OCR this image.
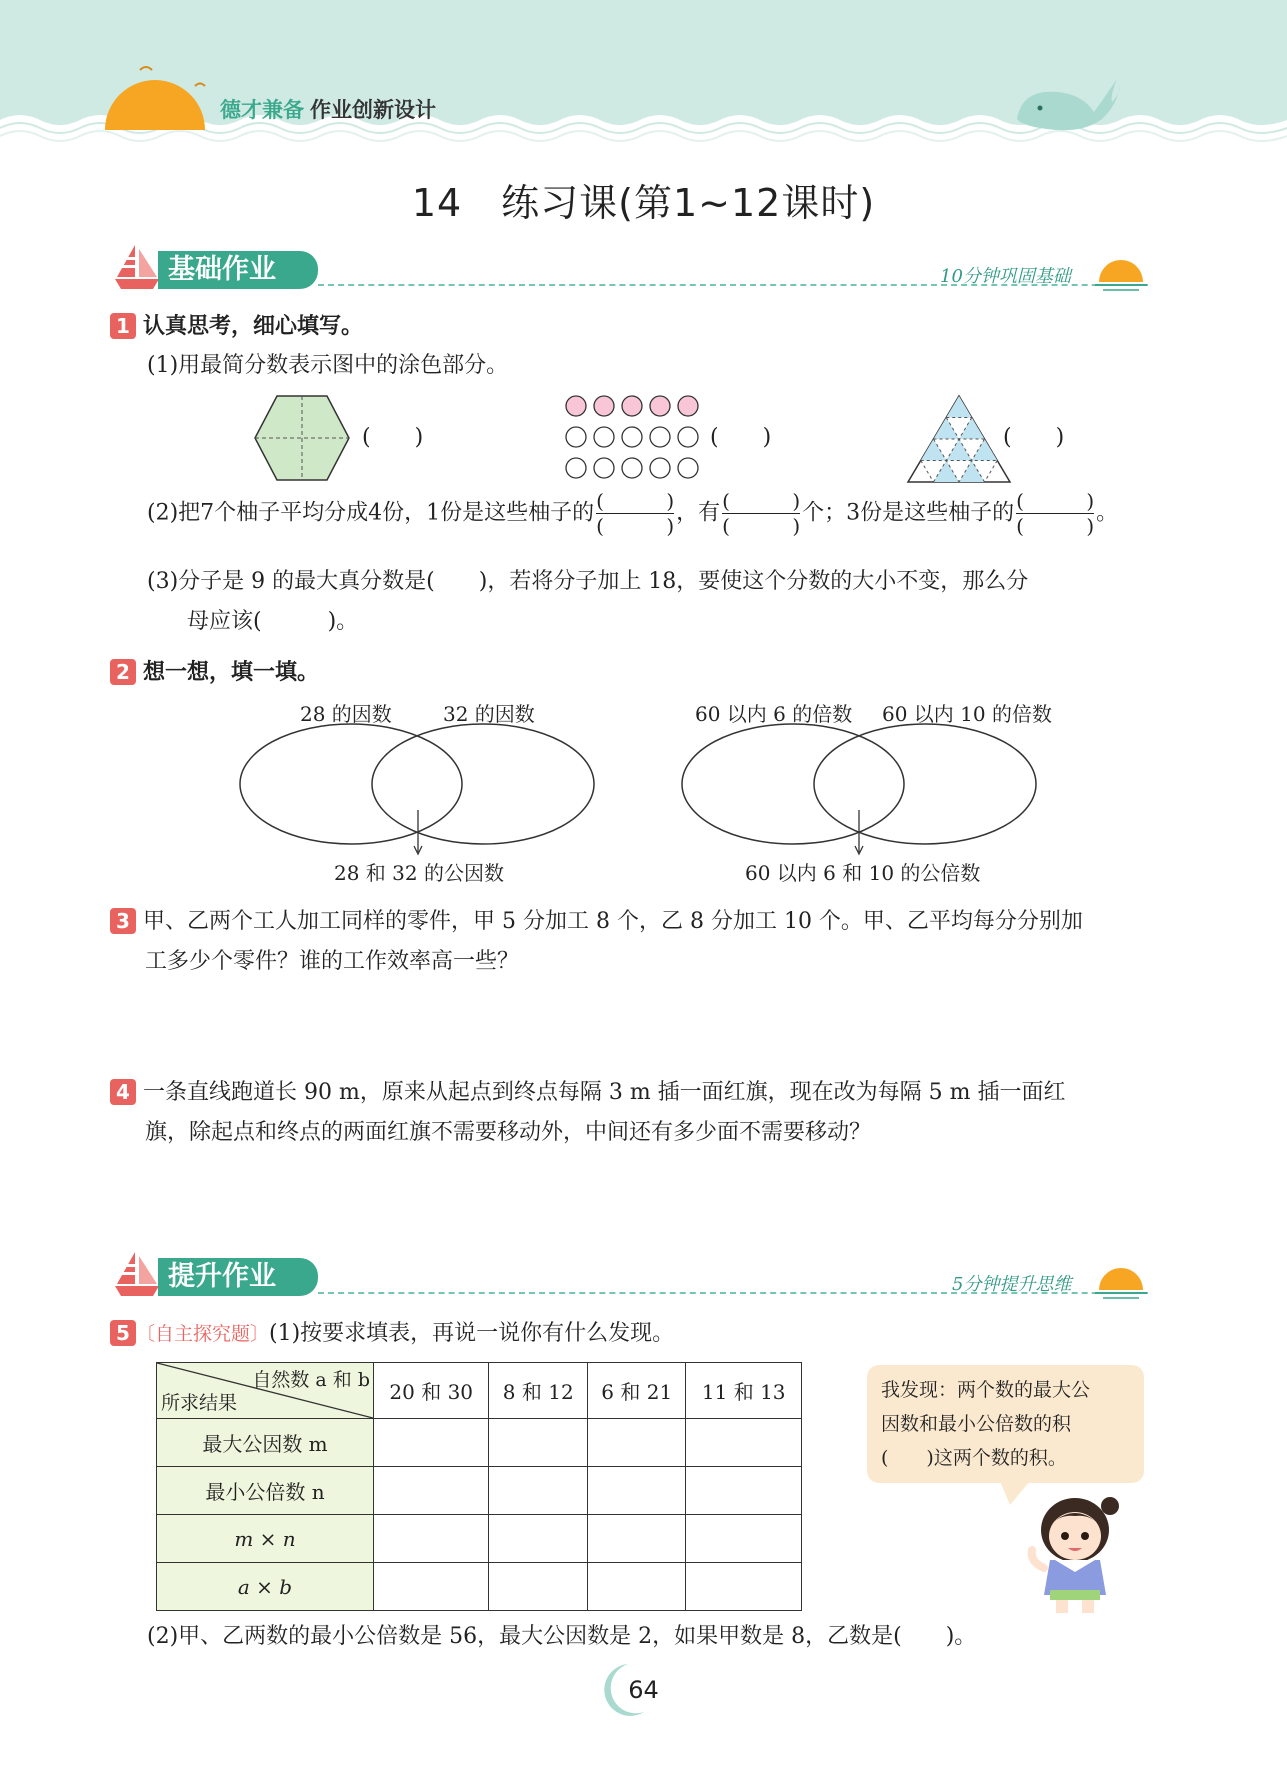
德才兼备 作业创新设计
14　练习课(第1~12课时)
基础作业	10分钟巩固基础
1 认真思考，细心填写。
(1)用最简分数表示图中的涂色部分。
(　　)	(　　)	(　　)
(2)把7个柚子平均分成4份，1份是这些柚子的 (	)
(	) ，有 (	)
(	) 个；3份是这些柚子的 (	)
(	) 。
(3)分子是 9 的最大真分数是(　　)，若将分子加上 18，要使这个分数的大小不变，那么分
母应该(　　　)。
2 想一想，填一填。
28 的因数	32 的因数
28 和 32 的公因数
60 以内 6 的倍数 60 以内 10 的倍数
60 以内 6 和 10 的公倍数
3 甲、乙两个工人加工同样的零件，甲 5 分加工 8 个，乙 8 分加工 10 个。甲、乙平均每分分别加
工多少个零件？谁的工作效率高一些？
4 一条直线跑道长 90 m，原来从起点到终点每隔 3 m 插一面红旗，现在改为每隔 5 m 插一面红
旗，除起点和终点的两面红旗不需要移动外，中间还有多少面不需要移动？
提升作业	5分钟提升思维
5 〔自主探究题〕(1)按要求填表，再说一说你有什么发现。
自然数 a 和 b
所求结果	20 和 30	8 和 12	6 和 21	11 和 13
最大公因数 m				
最小公倍数 n				
m × n				
a × b				
我发现：两个数的最大公
因数和最小公倍数的积
(　　)这两个数的积。
(2)甲、乙两数的最小公倍数是 56，最大公因数是 2，如果甲数是 8，乙数是(　　)。
64
